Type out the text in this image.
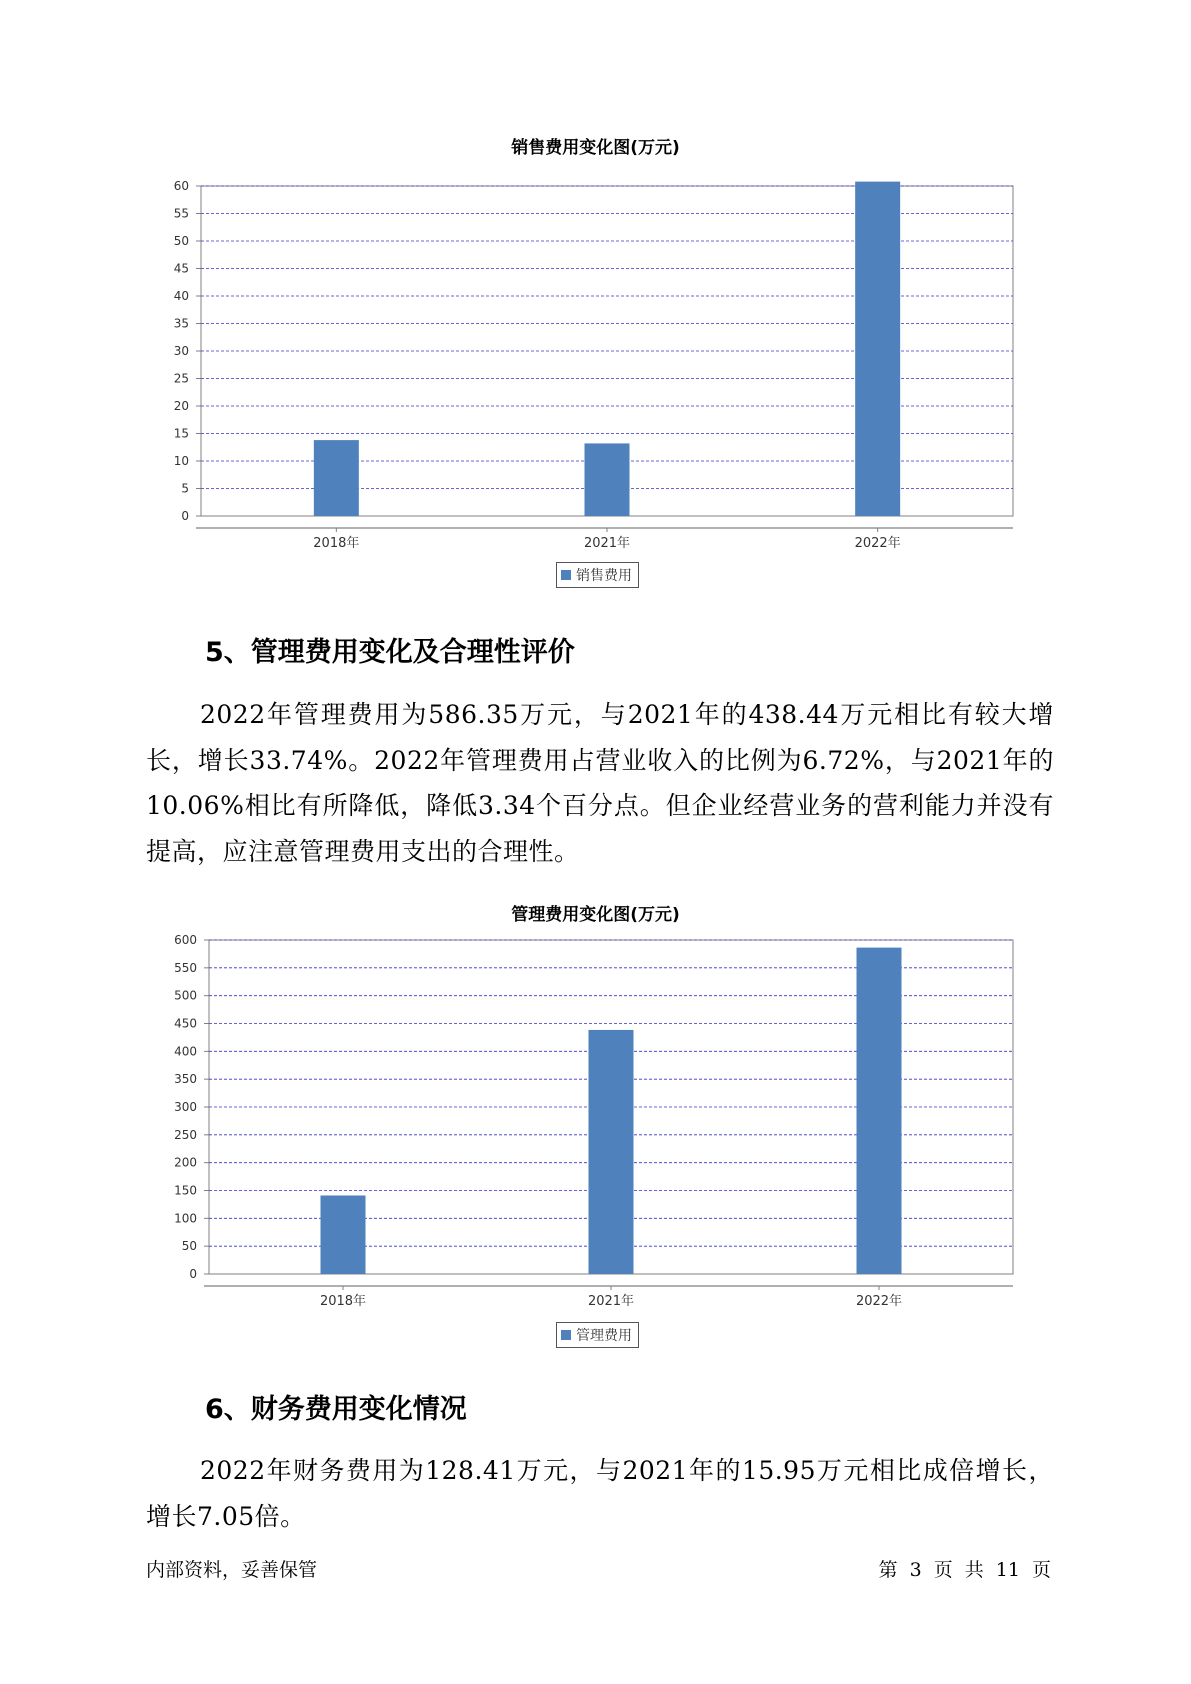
销售费用变化图(万元)
0
5
10
15
20
25
30
35
40
45
50
55
60
2018年	2021年	2022年
销售费用
5、管理费用变化及合理性评价

2022年管理费用为586.35万元，与2021年的438.44万元相比有较大增长，增长33.74%。2022年管理费用占营业收入的比例为6.72%，与2021年的10.06%相比有所降低，降低3.34个百分点。但企业经营业务的营利能力并没有提高，应注意管理费用支出的合理性。

管理费用变化图(万元)
0
50
100
150
200
250
300
350
400
450
500
550
600
2018年	2021年	2022年
管理费用
6、财务费用变化情况

2022年财务费用为128.41万元，与2021年的15.95万元相比成倍增长，增长7.05倍。

内部资料，妥善保管	第 3 页 共 11 页
